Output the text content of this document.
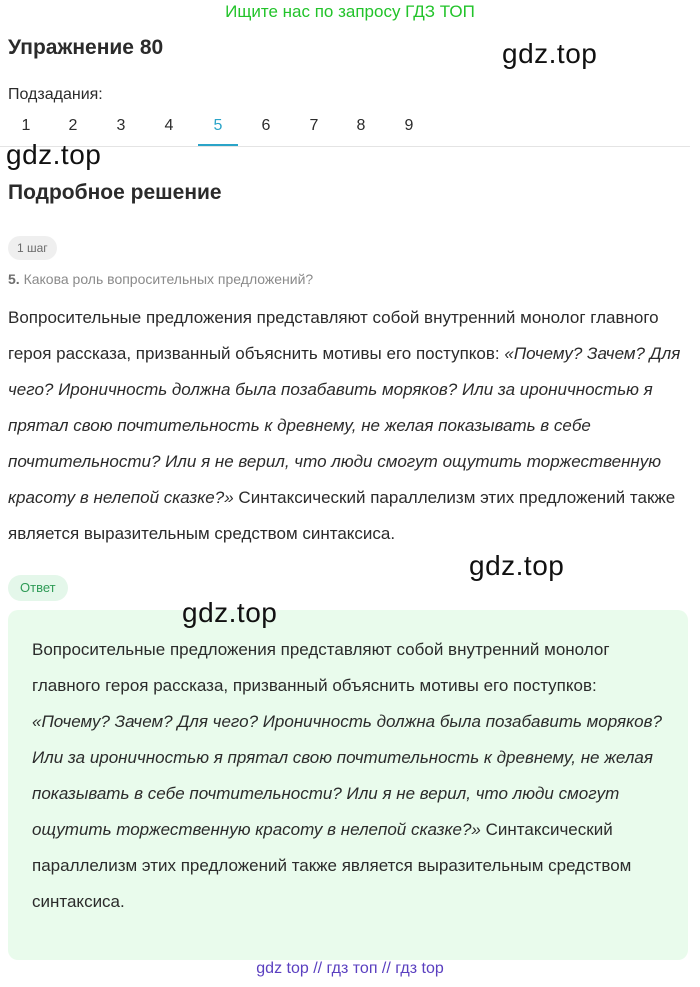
Ищите нас по запросу ГДЗ ТОП
Упражнение 80	gdz.top
Подзадания:
1	2	3	4	5	6	7	8	9
gdz.top
Подробное решение
1 шаг
5. Какова роль вопросительных предложений?
Вопросительные предложения представляют собой внутренний монолог главного героя рассказа, призванный объяснить мотивы его поступков: «Почему? Зачем? Для чего? Ироничность должна была позабавить моряков? Или за ироничностью я прятал свою почтительность к древнему, не желая показывать в себе почтительности? Или я не верил, что люди смогут ощутить торжественную красоту в нелепой сказке?» Синтаксический параллелизм этих предложений также является выразительным средством синтаксиса.
gdz.top
Ответ
Вопросительные предложения представляют собой внутренний монолог главного героя рассказа, призванный объяснить мотивы его поступков: «Почему? Зачем? Для чего? Ироничность должна была позабавить моряков? Или за ироничностью я прятал свою почтительность к древнему, не желая показывать в себе почтительности? Или я не верил, что люди смогут ощутить торжественную красоту в нелепой сказке?» Синтаксический параллелизм этих предложений также является выразительным средством синтаксиса.
gdz.top
gdz top // гдз топ // гдз top
